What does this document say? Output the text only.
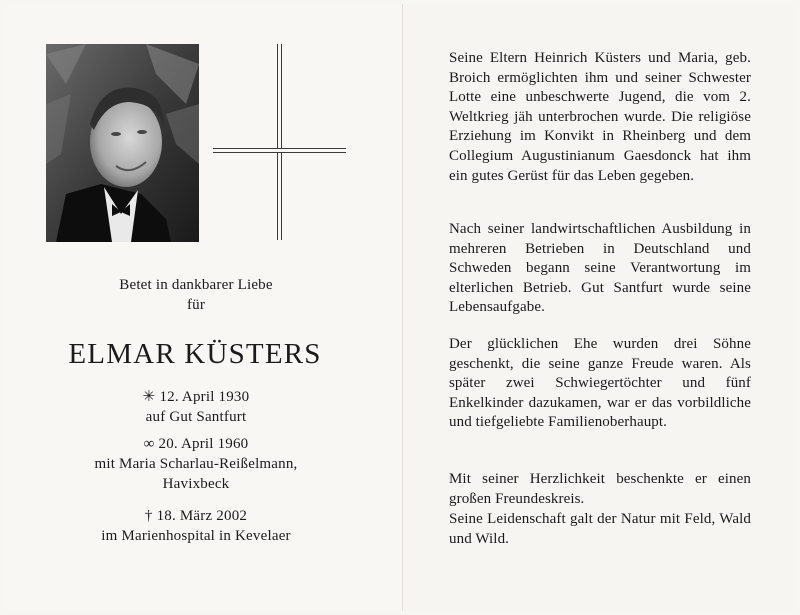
Betet in dankbarer Liebe
für
ELMAR KÜSTERS
✳ 12. April 1930
auf Gut Santfurt
∞ 20. April 1960
mit Maria Scharlau-Reißelmann,
Havixbeck
† 18. März 2002
im Marienhospital in Kevelaer
Seine Eltern Heinrich Küsters und Maria, geb. Broich ermöglichten ihm und seiner Schwester Lotte eine unbeschwerte Jugend, die vom 2. Weltkrieg jäh unterbrochen wurde. Die religiöse Erziehung im Konvikt in Rheinberg und dem Collegium Augustinianum Gaesdonck hat ihm ein gutes Gerüst für das Leben gegeben.
Nach seiner landwirtschaftlichen Ausbildung in mehreren Betrieben in Deutschland und Schweden begann seine Verantwortung im elterlichen Betrieb. Gut Santfurt wurde seine Lebensaufgabe.
Der glücklichen Ehe wurden drei Söhne geschenkt, die seine ganze Freude waren. Als später zwei Schwiegertöchter und fünf Enkelkinder dazukamen, war er das vorbildliche und tiefgeliebte Familienoberhaupt.
Mit seiner Herzlichkeit beschenkte er einen großen Freundeskreis.
Seine Leidenschaft galt der Natur mit Feld, Wald und Wild.
